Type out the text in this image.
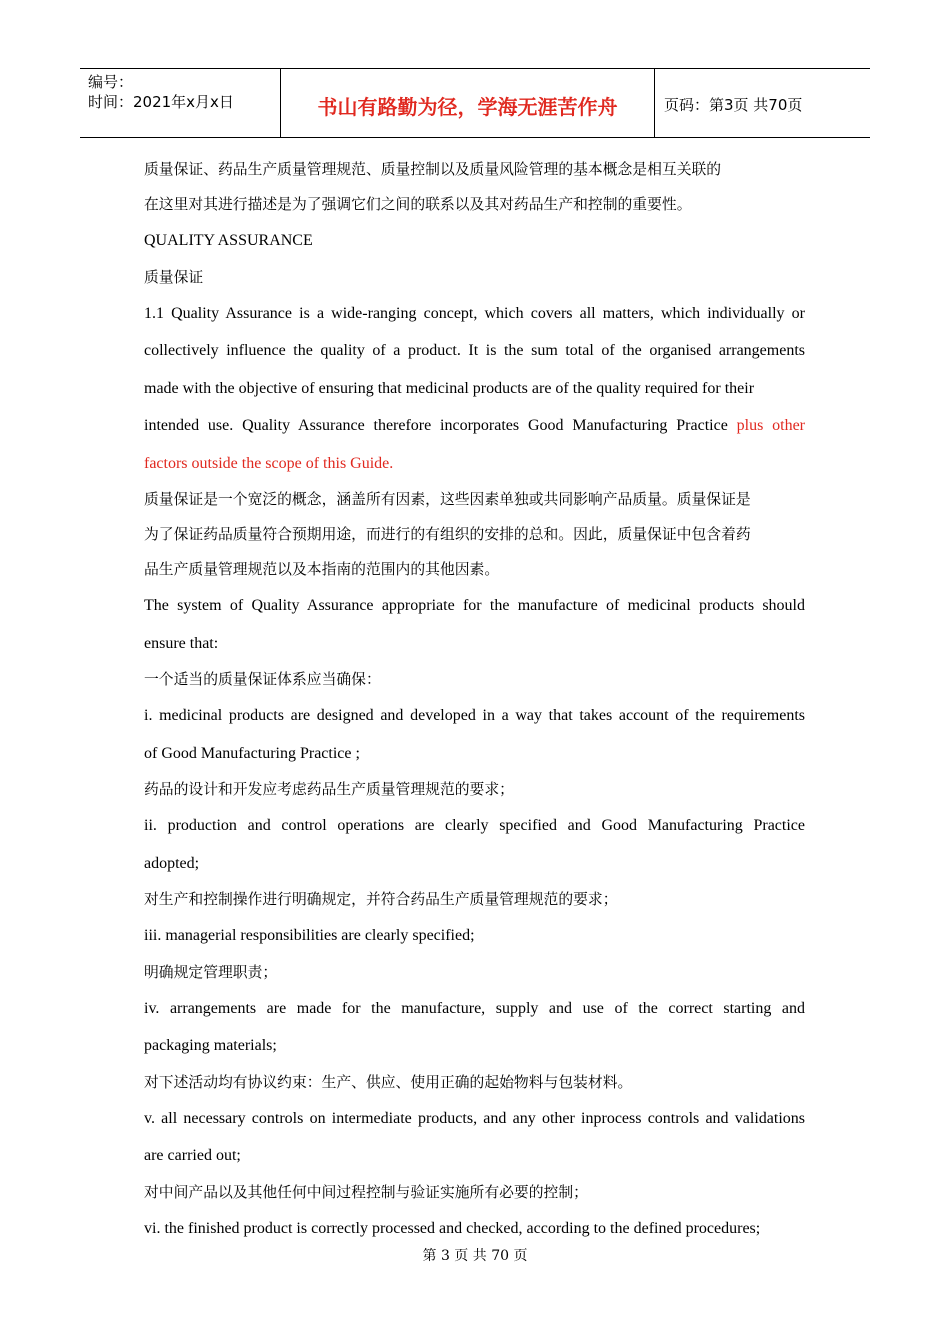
编号：
时间：2021年x月x日	书山有路勤为径，学海无涯苦作舟	页码：第3页 共70页

质量保证、药品生产质量管理规范、质量控制以及质量风险管理的基本概念是相互关联的

在这里对其进行描述是为了强调它们之间的联系以及其对药品生产和控制的重要性。

QUALITY ASSURANCE

质量保证

1.1 Quality Assurance is a wide-ranging concept, which covers all matters, which individually or

collectively influence the quality of a product. It is the sum total of the organised arrangements

made with the objective of ensuring that medicinal products are of the quality required for their

intended use. Quality Assurance therefore incorporates Good Manufacturing Practice plus other

factors outside the scope of this Guide.

质量保证是一个宽泛的概念，涵盖所有因素，这些因素单独或共同影响产品质量。质量保证是

为了保证药品质量符合预期用途，而进行的有组织的安排的总和。因此，质量保证中包含着药

品生产质量管理规范以及本指南的范围内的其他因素。

The system of Quality Assurance appropriate for the manufacture of medicinal products should

ensure that:

一个适当的质量保证体系应当确保：

i. medicinal products are designed and developed in a way that takes account of the requirements

of Good Manufacturing Practice ;

药品的设计和开发应考虑药品生产质量管理规范的要求；

ii. production and control operations are clearly specified and Good Manufacturing Practice

adopted;

对生产和控制操作进行明确规定，并符合药品生产质量管理规范的要求；

iii. managerial responsibilities are clearly specified;

明确规定管理职责；

iv. arrangements are made for the manufacture, supply and use of the correct starting and

packaging materials;

对下述活动均有协议约束：生产、供应、使用正确的起始物料与包装材料。

v. all necessary controls on intermediate products, and any other inprocess controls and validations

are carried out;

对中间产品以及其他任何中间过程控制与验证实施所有必要的控制；

vi. the finished product is correctly processed and checked, according to the defined procedures;

第 3 页 共 70 页
